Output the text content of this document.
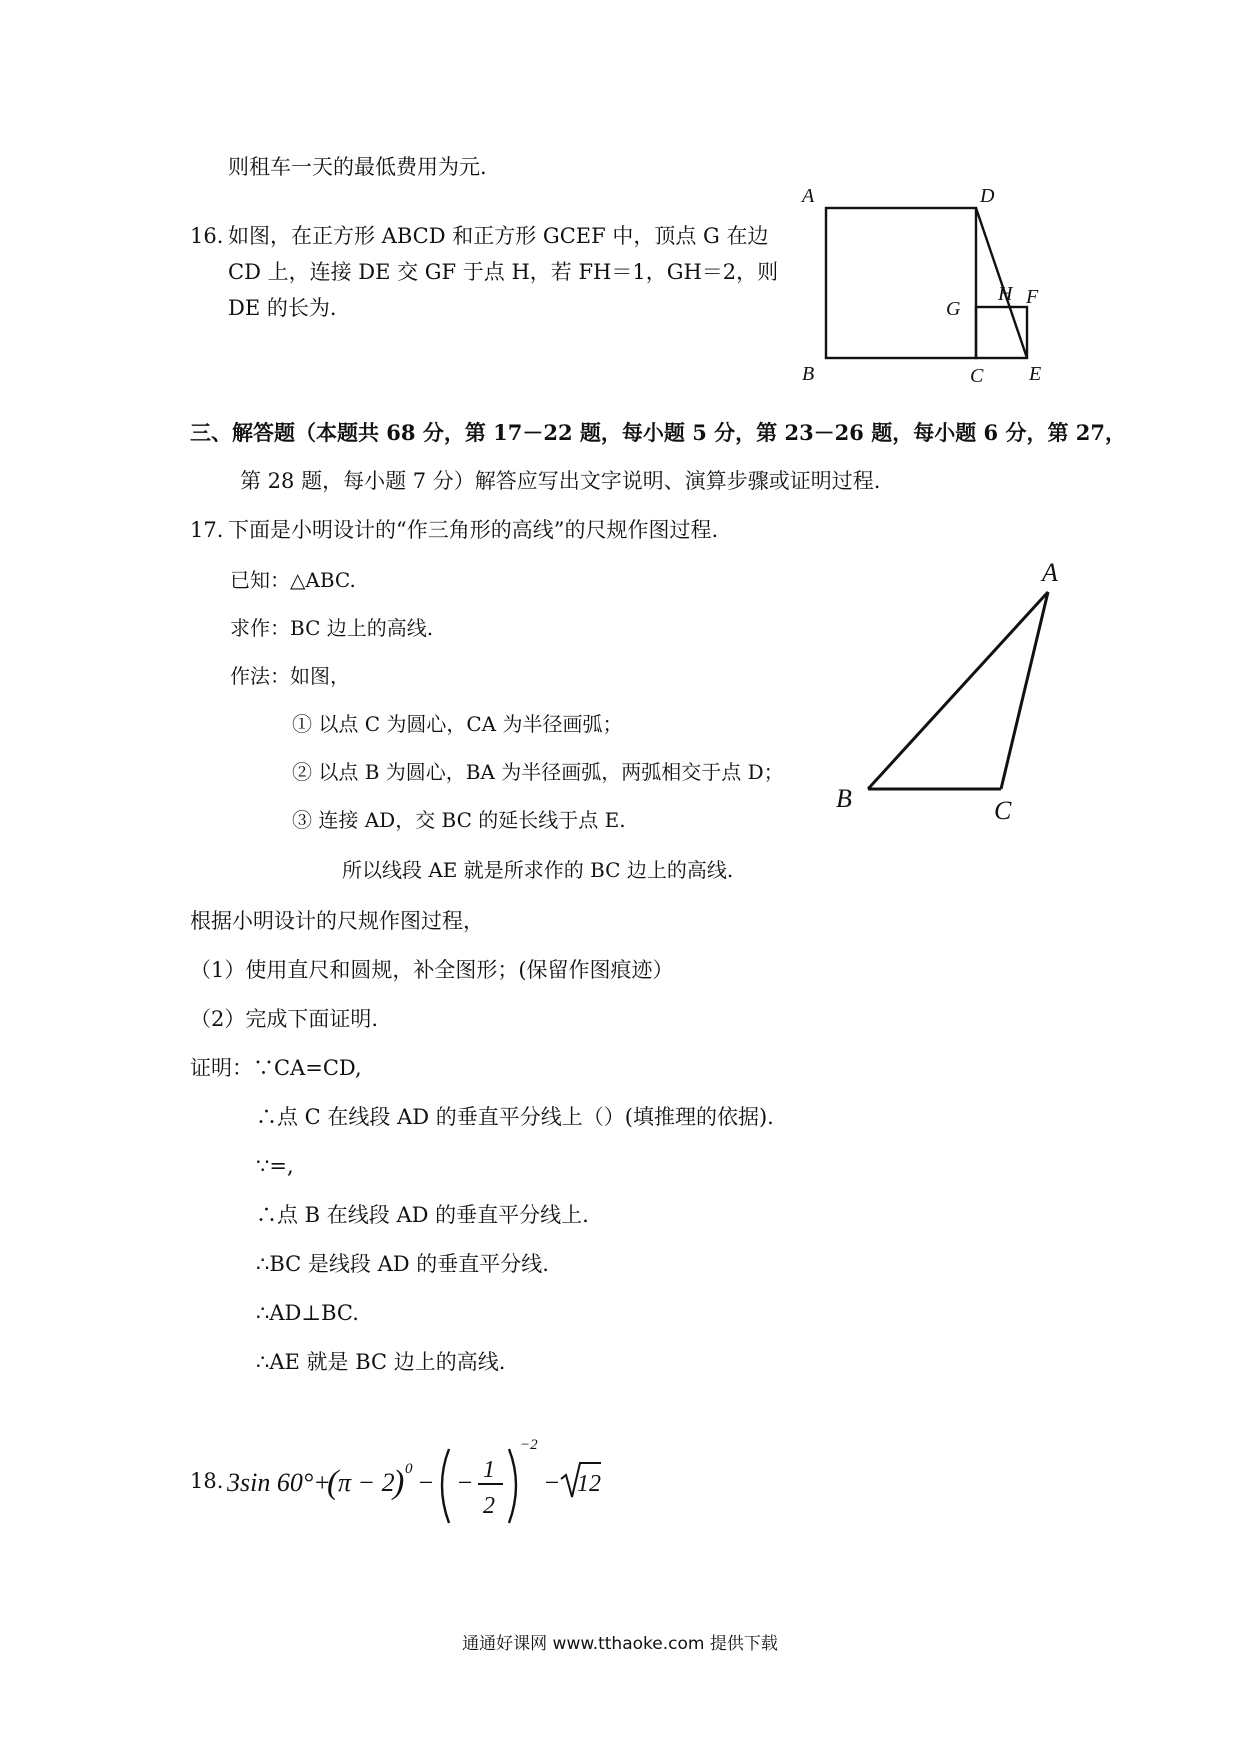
则租车一天的最低费用为元.
16. 如图，在正方形 ABCD 和正方形 GCEF 中，顶点 G 在边
CD 上，连接 DE 交 GF 于点 H，若 FH＝1，GH＝2，则
DE 的长为.
A	D
B	C E
G
H F
三、解答题（本题共 68 分，第 17－22 题，每小题 5 分，第 23－26 题，每小题 6 分，第 27，
第 28 题，每小题 7 分）解答应写出文字说明、演算步骤或证明过程.
17. 下面是小明设计的“作三角形的高线”的尺规作图过程.
已知：△ABC.
求作：BC 边上的高线.
作法：如图，
① 以点 C 为圆心，CA 为半径画弧；
② 以点 B 为圆心，BA 为半径画弧，两弧相交于点 D；
③ 连接 AD，交 BC 的延长线于点 E.
所以线段 AE 就是所求作的 BC 边上的高线.
A
B	C
根据小明设计的尺规作图过程，
（1）使用直尺和圆规，补全图形；(保留作图痕迹）
（2）完成下面证明.
证明：∵CA=CD,
∴点 C 在线段 AD 的垂直平分线上（）(填推理的依据).
∵=,
∴点 B 在线段 AD 的垂直平分线上.
∴BC 是线段 AD 的垂直平分线.
∴AD⊥BC.
∴AE 就是 BC 边上的高线.
18. 3sin 60°+
( π − 2
) 0 − − 1
2
−2
− 12
通通好课网 www.tthaoke.com 提供下载
